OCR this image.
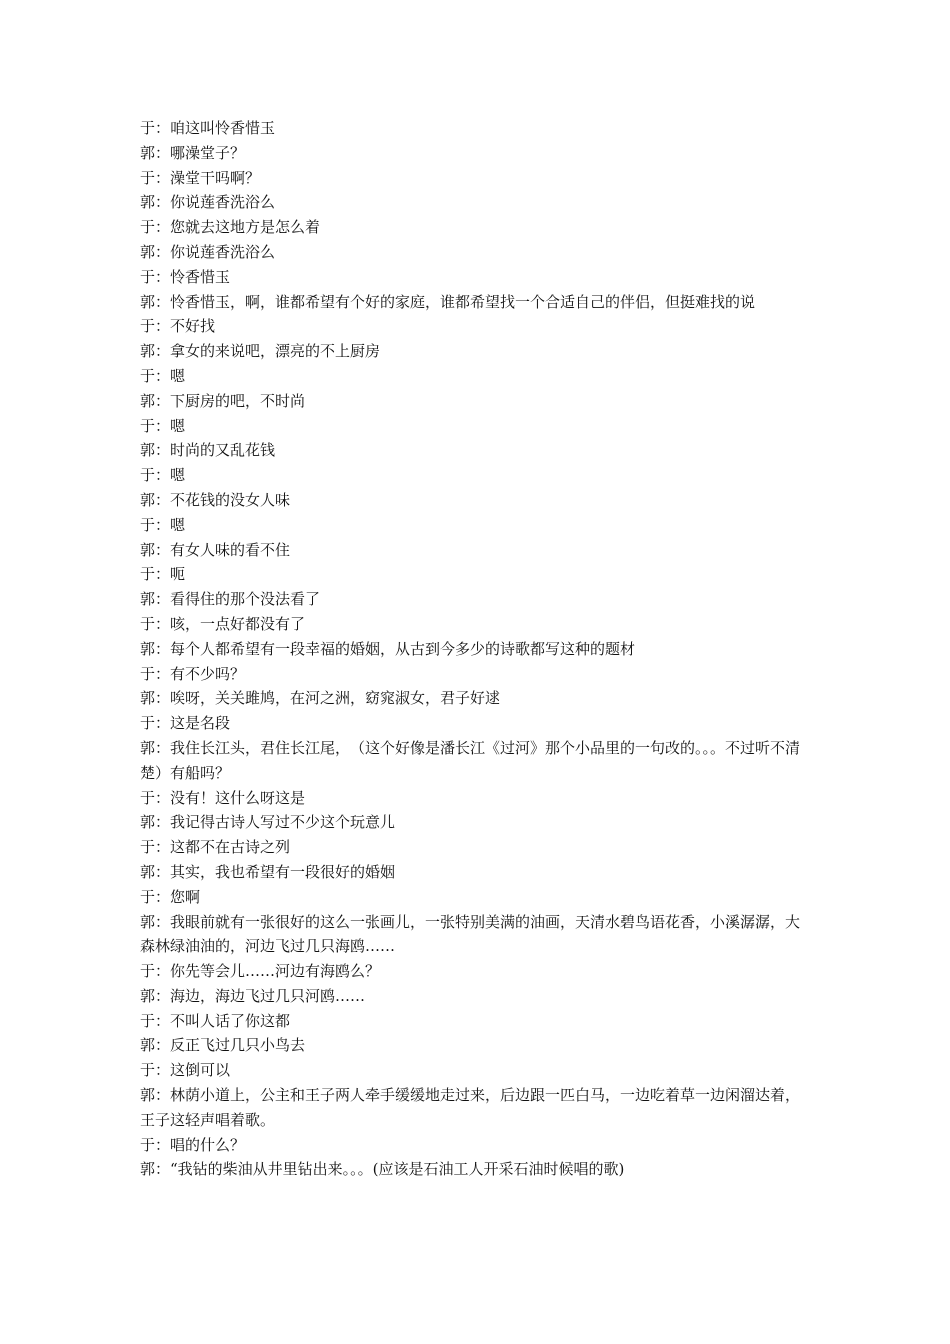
于：咱这叫怜香惜玉

郭：哪澡堂子？

于：澡堂干吗啊？

郭：你说莲香洗浴么

于：您就去这地方是怎么着

郭：你说莲香洗浴么

于：怜香惜玉

郭：怜香惜玉，啊，谁都希望有个好的家庭，谁都希望找一个合适自己的伴侣，但挺难找的说

于：不好找

郭：拿女的来说吧，漂亮的不上厨房

于：嗯

郭：下厨房的吧，不时尚

于：嗯

郭：时尚的又乱花钱

于：嗯

郭：不花钱的没女人味

于：嗯

郭：有女人味的看不住

于：呃

郭：看得住的那个没法看了

于：咳，一点好都没有了

郭：每个人都希望有一段幸福的婚姻，从古到今多少的诗歌都写这种的题材

于：有不少吗？

郭：唉呀，关关雎鸠，在河之洲，窈窕淑女，君子好逑

于：这是名段

郭：我住长江头，君住长江尾，　（这个好像是潘长江《过河》那个小品里的一句改的。。。不过听不清楚）有船吗？

于：没有！这什么呀这是

郭：我记得古诗人写过不少这个玩意儿

于：这都不在古诗之列

郭：其实，我也希望有一段很好的婚姻

于：您啊

郭：我眼前就有一张很好的这么一张画儿，一张特别美满的油画，天清水碧鸟语花香，小溪潺潺，大森林绿油油的，河边飞过几只海鸥……

于：你先等会儿……河边有海鸥么？

郭：海边，海边飞过几只河鸥……

于：不叫人话了你这都

郭：反正飞过几只小鸟去

于：这倒可以

郭：林荫小道上，公主和王子两人牵手缓缓地走过来，后边跟一匹白马，一边吃着草一边闲溜达着，王子这轻声唱着歌。

于：唱的什么？

郭：“我钻的柴油从井里钻出来。。。(应该是石油工人开采石油时候唱的歌)
